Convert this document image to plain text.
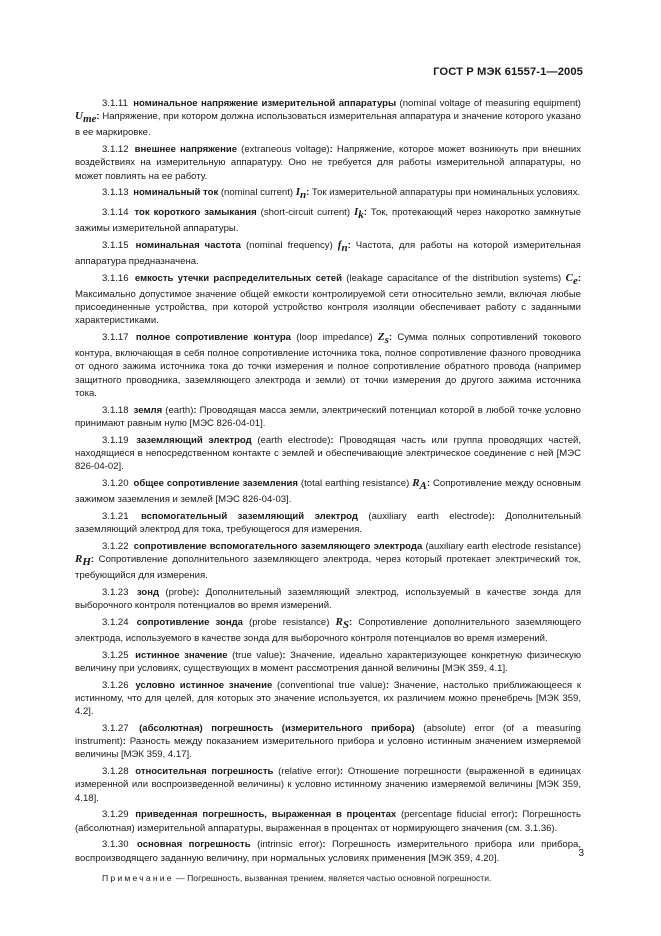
ГОСТ Р МЭК 61557-1—2005

3.1.11 номинальное напряжение измерительной аппаратуры (nominal voltage of measuring equipment) $U_{me}$: Напряжение, при котором должна использоваться измерительная аппаратура и значение которого указано в ее маркировке.

3.1.12 внешнее напряжение (extraneous voltage): Напряжение, которое может возникнуть при внешних воздействиях на измерительную аппаратуру. Оно не требуется для работы измерительной аппаратуры, но может повлиять на ее работу.

3.1.13 номинальный ток (nominal current) $I_n$: Ток измерительной аппаратуры при номинальных условиях.

3.1.14 ток короткого замыкания (short-circuit current) $I_k$: Ток, протекающий через накоротко замкнутые зажимы измерительной аппаратуры.

3.1.15 номинальная частота (nominal frequency) $f_n$: Частота, для работы на которой измерительная аппаратура предназначена.

3.1.16 емкость утечки распределительных сетей (leakage capacitance of the distribution systems) $C_e$: Максимально допустимое значение общей емкости контролируемой сети относительно земли, включая любые присоединенные устройства, при которой устройство контроля изоляции обеспечивает работу с заданными характеристиками.

3.1.17 полное сопротивление контура (loop impedance) $Z_s$: Сумма полных сопротивлений токового контура, включающая в себя полное сопротивление источника тока, полное сопротивление фазного проводника от одного зажима источника тока до точки измерения и полное сопротивление обратного провода (например защитного проводника, заземляющего электрода и земли) от точки измерения до другого зажима источника тока.

3.1.18 земля (earth): Проводящая масса земли, электрический потенциал которой в любой точке условно принимают равным нулю [МЭС 826-04-01].

3.1.19 заземляющий электрод (earth electrode): Проводящая часть или группа проводящих частей, находящиеся в непосредственном контакте с землей и обеспечивающие электрическое соединение с ней [МЭС 826-04-02].

3.1.20 общее сопротивление заземления (total earthing resistance) $R_A$: Сопротивление между основным зажимом заземления и землей [МЭС 826-04-03].

3.1.21 вспомогательный заземляющий электрод (auxiliary earth electrode): Дополнительный заземляющий электрод для тока, требующегося для измерения.

3.1.22 сопротивление вспомогательного заземляющего электрода (auxiliary earth electrode resistance) $R_H$: Сопротивление дополнительного заземляющего электрода, через который протекает электрический ток, требующийся для измерения.

3.1.23 зонд (probe): Дополнительный заземляющий электрод, используемый в качестве зонда для выборочного контроля потенциалов во время измерений.

3.1.24 сопротивление зонда (probe resistance) $R_S$: Сопротивление дополнительного заземляющего электрода, используемого в качестве зонда для выборочного контроля потенциалов во время измерений.

3.1.25 истинное значение (true value): Значение, идеально характеризующее конкретную физическую величину при условиях, существующих в момент рассмотрения данной величины [МЭК 359, 4.1].

3.1.26 условно истинное значение (conventional true value): Значение, настолько приближающееся к истинному, что для целей, для которых это значение используется, их различием можно пренебречь [МЭК 359, 4.2].

3.1.27 (абсолютная) погрешность (измерительного прибора) (absolute) error (of a measuring instrument): Разность между показанием измерительного прибора и условно истинным значением измеряемой величины [МЭК 359, 4.17].

3.1.28 относительная погрешность (relative error): Отношение погрешности (выраженной в единицах измеренной или воспроизведенной величины) к условно истинному значению измеряемой величины [МЭК 359, 4.18].

3.1.29 приведенная погрешность, выраженная в процентах (percentage fiducial error): Погрешность (абсолютная) измерительной аппаратуры, выраженная в процентах от нормирующего значения (см. 3.1.36).

3.1.30 основная погрешность (intrinsic error): Погрешность измерительного прибора или прибора, воспроизводящего заданную величину, при нормальных условиях применения [МЭК 359, 4.20].

Примечание — Погрешность, вызванная трением, является частью основной погрешности.
3
